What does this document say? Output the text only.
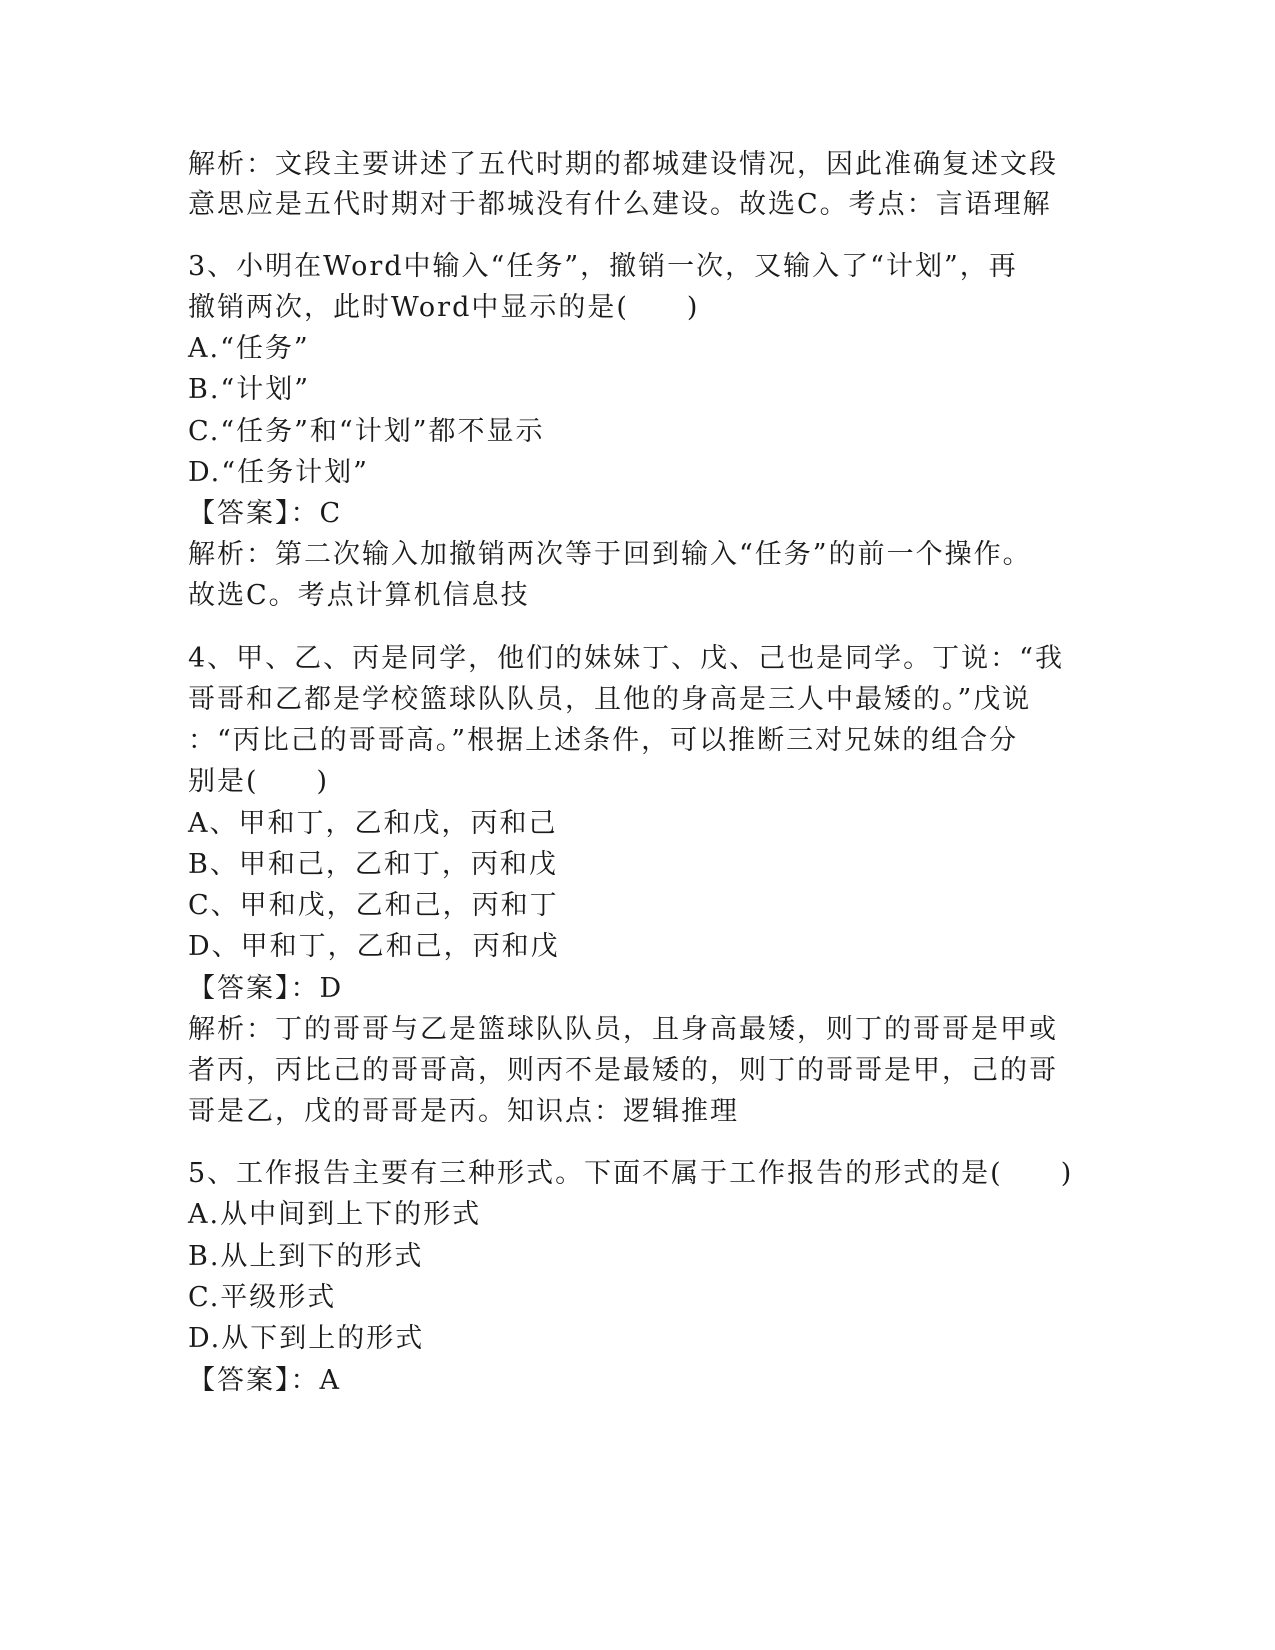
解析：文段主要讲述了五代时期的都城建设情况，因此准确复述文段
意思应是五代时期对于都城没有什么建设。故选C。考点：言语理解
3、小明在Word中输入“任务”，撤销一次，又输入了“计划”，再
撤销两次，此时Word中显示的是(　　)
A.“任务”
B.“计划”
C.“任务”和“计划”都不显示
D.“任务计划”
【答案】：C
解析：第二次输入加撤销两次等于回到输入“任务”的前一个操作。
故选C。考点计算机信息技
4、甲、乙、丙是同学，他们的妹妹丁、戊、己也是同学。丁说：“我
哥哥和乙都是学校篮球队队员，且他的身高是三人中最矮的。”戊说
：“丙比己的哥哥高。”根据上述条件，可以推断三对兄妹的组合分
别是(　　)
A、甲和丁，乙和戊，丙和己
B、甲和己，乙和丁，丙和戊
C、甲和戊，乙和己，丙和丁
D、甲和丁，乙和己，丙和戊
【答案】：D
解析：丁的哥哥与乙是篮球队队员，且身高最矮，则丁的哥哥是甲或
者丙，丙比己的哥哥高，则丙不是最矮的，则丁的哥哥是甲，己的哥
哥是乙，戊的哥哥是丙。知识点：逻辑推理
5、工作报告主要有三种形式。下面不属于工作报告的形式的是(　　)
A.从中间到上下的形式
B.从上到下的形式
C.平级形式
D.从下到上的形式
【答案】：A
